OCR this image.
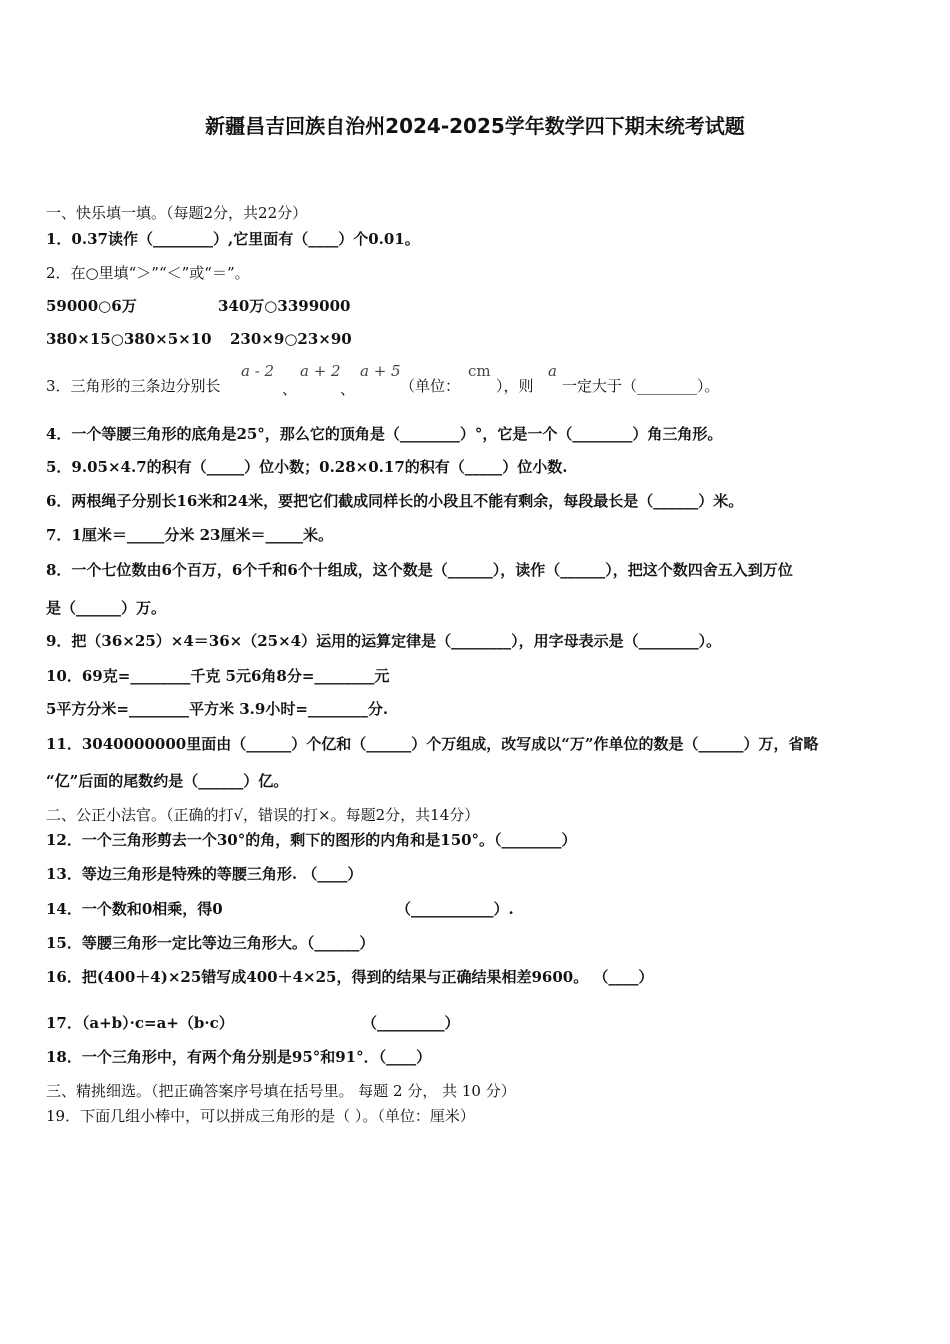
新疆昌吉回族自治州2024-2025学年数学四下期末统考试题
一、快乐填一填。（每题2分，共22分）
1．0.37读作（________）,它里面有（____）个0.01。
2．在○里填“＞”“＜”或“＝”。
59000○6万	340万○3399000
380×15○380×5×10 230×9○23×90
3．三角形的三条边分别长
a - 2
、
a + 2
、
a + 5
（单位：
cm
），则
a
一定大于（________）。
4．一个等腰三角形的底角是25°，那么它的顶角是（________）°，它是一个（________）角三角形。
5．9.05×4.7的积有（_____）位小数；0.28×0.17的积有（_____）位小数.
6．两根绳子分别长16米和24米，要把它们截成同样长的小段且不能有剩余，每段最长是（______）米。
7．1厘米＝_____分米 23厘米＝_____米。
8．一个七位数由6个百万，6个千和6个十组成，这个数是（______），读作（______），把这个数四舍五入到万位
是（______）万。
9．把（36×25）×4＝36×（25×4）运用的运算定律是（________），用字母表示是（________）。
10．69克=________千克 5元6角8分=________元
5平方分米=________平方米 3.9小时=________分.
11．3040000000里面由（______）个亿和（______）个万组成，改写成以“万”作单位的数是（______）万，省略
“亿”后面的尾数约是（______）亿。
二、公正小法官。（正确的打√，错误的打×。每题2分，共14分）
12．一个三角形剪去一个30°的角，剩下的图形的内角和是150°。（________）
13．等边三角形是特殊的等腰三角形. （____）
14．一个数和0相乘，得0	（___________）.
15．等腰三角形一定比等边三角形大。（______）
16．把(400＋4)×25错写成400＋4×25，得到的结果与正确结果相差9600。 （____）
17．（a+b）·c=a+（b·c）	（_________）
18．一个三角形中，有两个角分别是95°和91°．（____）
三、精挑细选。（把正确答案序号填在括号里。 每题 2 分， 共 10 分）
19．下面几组小棒中，可以拼成三角形的是（ ）。（单位：厘米）
